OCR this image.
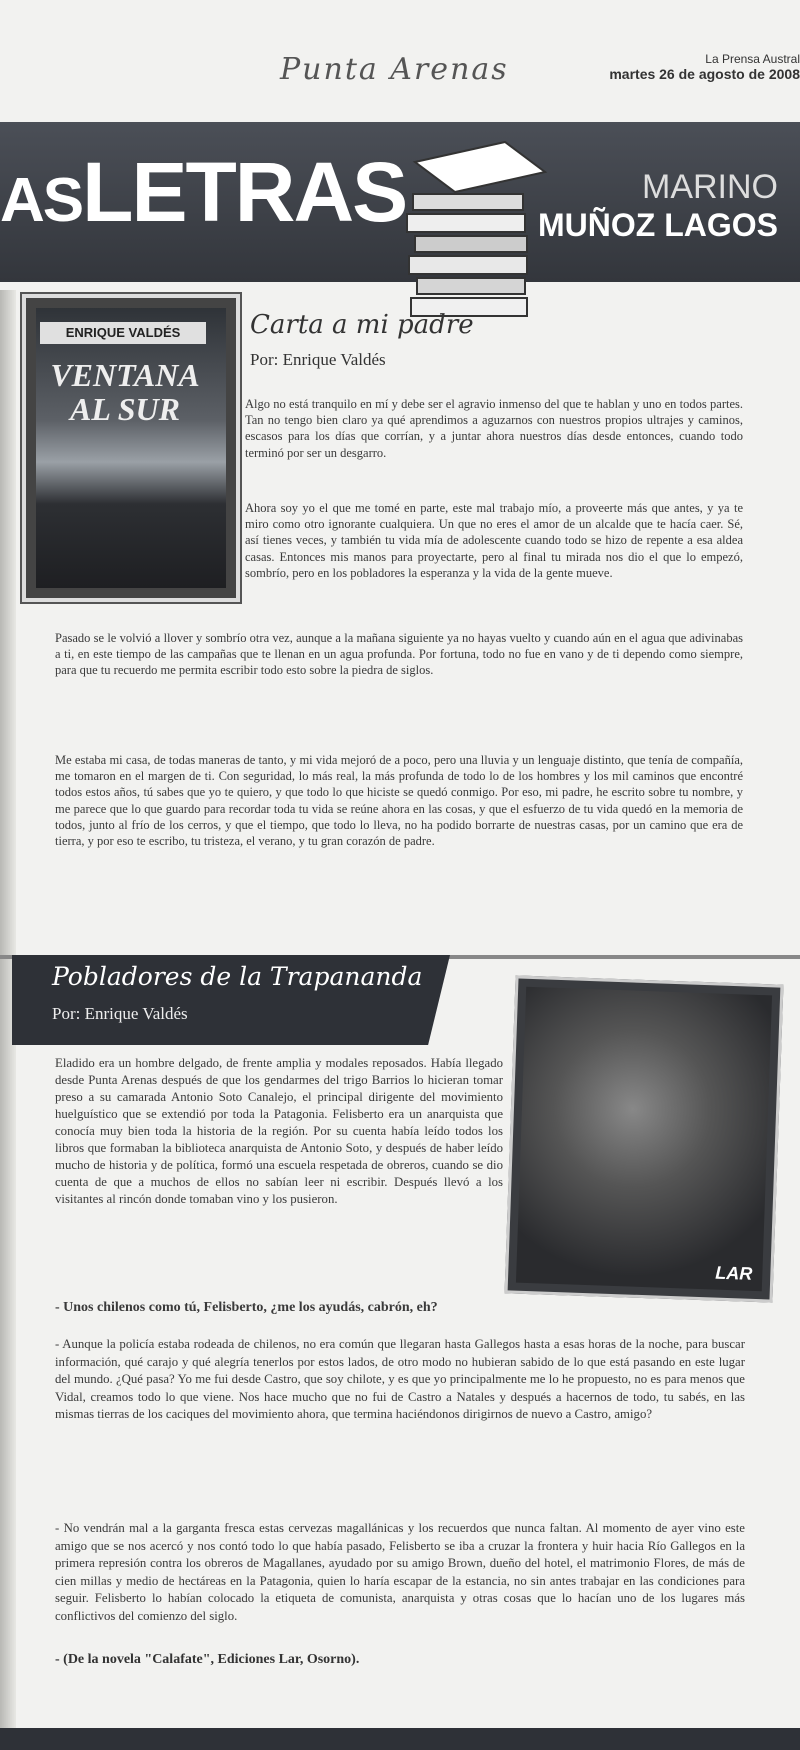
Punta Arenas	La Prensa Austral
martes 26 de agosto de 2008
ASLETRAS	MARINO
MUÑOZ LAGOS
ENRIQUE VALDÉS
VENTANA AL SUR
Carta a mi padre
Por: Enrique Valdés
Algo no está tranquilo en mí y debe ser el agravio inmenso del que te hablan y uno en todos partes. Tan no tengo bien claro ya qué aprendimos a aguzarnos con nuestros propios ultrajes y caminos, escasos para los días que corrían, y a juntar ahora nuestros días desde entonces, cuando todo terminó por ser un desgarro.
Ahora soy yo el que me tomé en parte, este mal trabajo mío, a proveerte más que antes, y ya te miro como otro ignorante cualquiera. Un que no eres el amor de un alcalde que te hacía caer. Sé, así tienes veces, y también tu vida mía de adolescente cuando todo se hizo de repente a esa aldea casas. Entonces mis manos para proyectarte, pero al final tu mirada nos dio el que lo empezó, sombrío, pero en los pobladores la esperanza y la vida de la gente mueve.
Pasado se le volvió a llover y sombrío otra vez, aunque a la mañana siguiente ya no hayas vuelto y cuando aún en el agua que adivinabas a ti, en este tiempo de las campañas que te llenan en un agua profunda. Por fortuna, todo no fue en vano y de ti dependo como siempre, para que tu recuerdo me permita escribir todo esto sobre la piedra de siglos.
Me estaba mi casa, de todas maneras de tanto, y mi vida mejoró de a poco, pero una lluvia y un lenguaje distinto, que tenía de compañía, me tomaron en el margen de ti. Con seguridad, lo más real, la más profunda de todo lo de los hombres y los mil caminos que encontré todos estos años, tú sabes que yo te quiero, y que todo lo que hiciste se quedó conmigo. Por eso, mi padre, he escrito sobre tu nombre, y me parece que lo que guardo para recordar toda tu vida se reúne ahora en las cosas, y que el esfuerzo de tu vida quedó en la memoria de todos, junto al frío de los cerros, y que el tiempo, que todo lo lleva, no ha podido borrarte de nuestras casas, por un camino que era de tierra, y por eso te escribo, tu tristeza, el verano, y tu gran corazón de padre.
Pobladores de la Trapananda
Por: Enrique Valdés
LAR
Eladido era un hombre delgado, de frente amplia y modales reposados. Había llegado desde Punta Arenas después de que los gendarmes del trigo Barrios lo hicieran tomar preso a su camarada Antonio Soto Canalejo, el principal dirigente del movimiento huelguístico que se extendió por toda la Patagonia. Felisberto era un anarquista que conocía muy bien toda la historia de la región. Por su cuenta había leído todos los libros que formaban la biblioteca anarquista de Antonio Soto, y después de haber leído mucho de historia y de política, formó una escuela respetada de obreros, cuando se dio cuenta de que a muchos de ellos no sabían leer ni escribir. Después llevó a los visitantes al rincón donde tomaban vino y los pusieron.
- Unos chilenos como tú, Felisberto, ¿me los ayudás, cabrón, eh?
- Aunque la policía estaba rodeada de chilenos, no era común que llegaran hasta Gallegos hasta a esas horas de la noche, para buscar información, qué carajo y qué alegría tenerlos por estos lados, de otro modo no hubieran sabido de lo que está pasando en este lugar del mundo. ¿Qué pasa? Yo me fui desde Castro, que soy chilote, y es que yo principalmente me lo he propuesto, no es para menos que Vidal, creamos todo lo que viene. Nos hace mucho que no fui de Castro a Natales y después a hacernos de todo, tu sabés, en las mismas tierras de los caciques del movimiento ahora, que termina haciéndonos dirigirnos de nuevo a Castro, amigo?
- No vendrán mal a la garganta fresca estas cervezas magallánicas y los recuerdos que nunca faltan. Al momento de ayer vino este amigo que se nos acercó y nos contó todo lo que había pasado, Felisberto se iba a cruzar la frontera y huir hacia Río Gallegos en la primera represión contra los obreros de Magallanes, ayudado por su amigo Brown, dueño del hotel, el matrimonio Flores, de más de cien millas y medio de hectáreas en la Patagonia, quien lo haría escapar de la estancia, no sin antes trabajar en las condiciones para seguir. Felisberto lo habían colocado la etiqueta de comunista, anarquista y otras cosas que lo hacían uno de los lugares más conflictivos del comienzo del siglo.
- (De la novela "Calafate", Ediciones Lar, Osorno).
